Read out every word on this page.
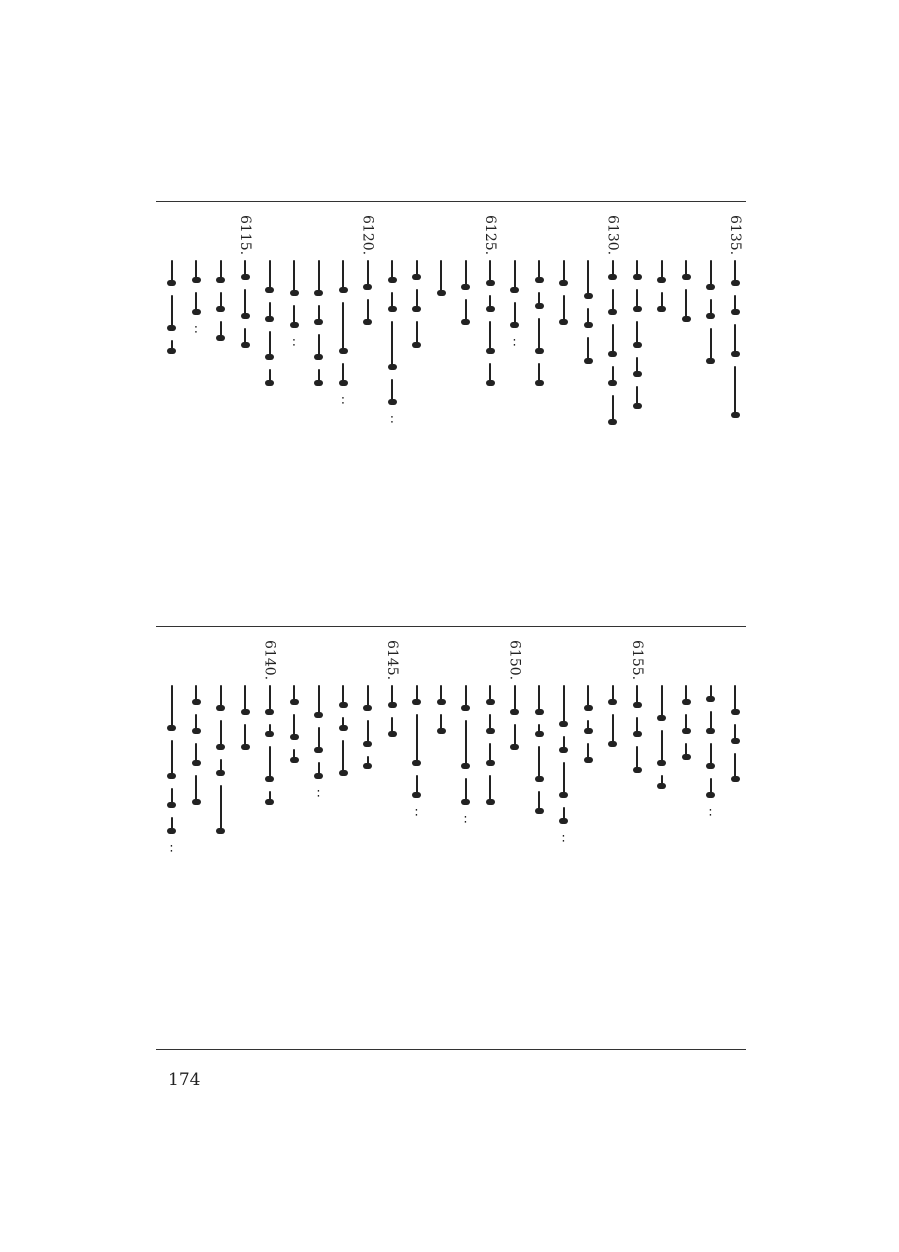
6135.
6130.
∶
6125.
∶
6120.
∶
∶
6115.
∶
∶
6155.
∶
6150.
∶
∶
6145.
∶
6140.
∶
174
